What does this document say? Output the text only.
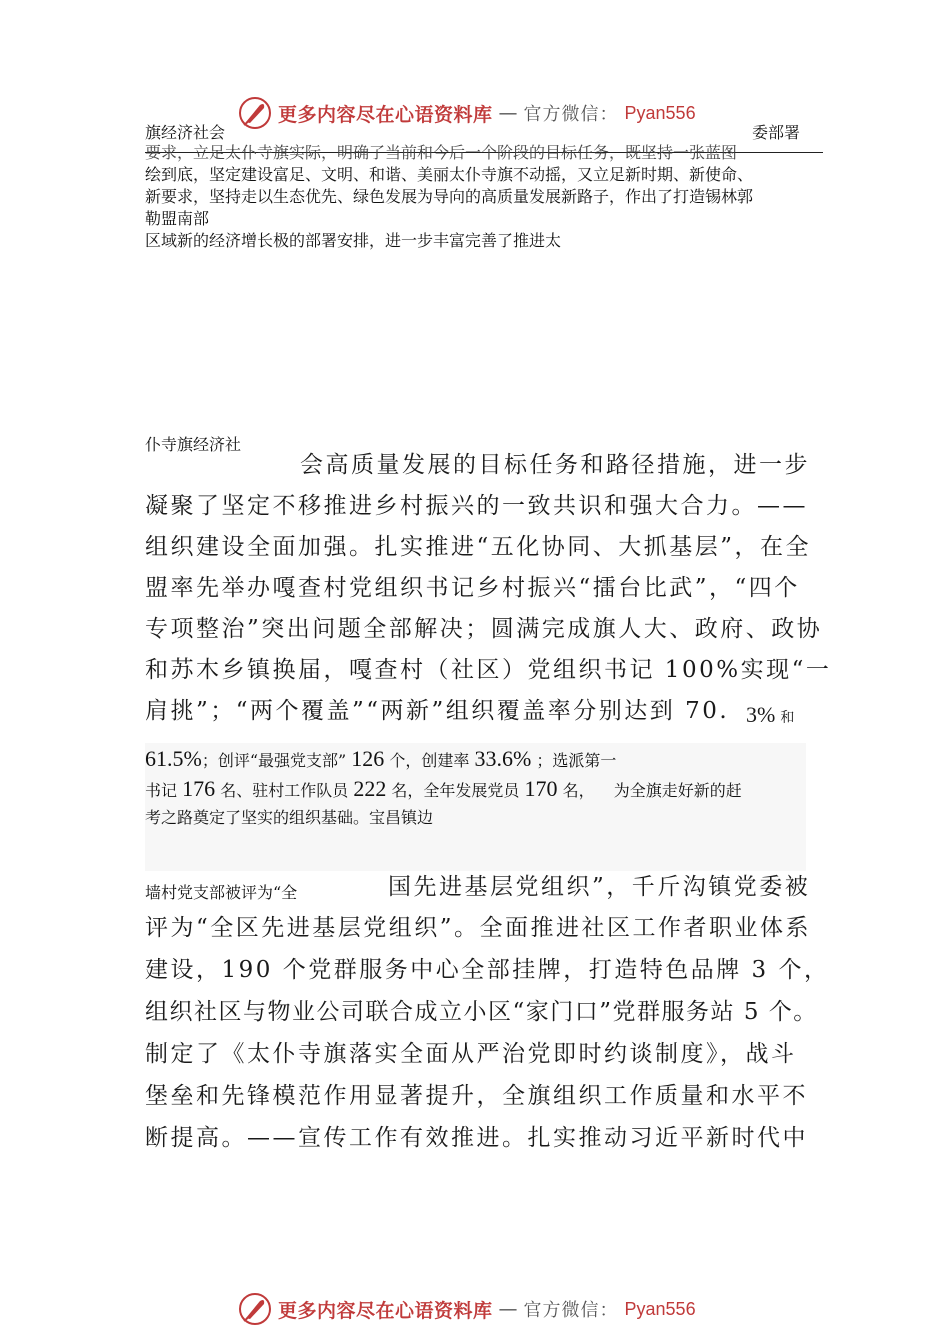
更多内容尽在心语资料库 — 官方微信： Pyan556
旗经济社会	委部署
要求，立足太仆寺旗实际，明确了当前和今后一个阶段的目标任务，既坚持一张蓝图
绘到底，坚定建设富足、文明、和谐、美丽太仆寺旗不动摇，又立足新时期、新使命、
新要求，坚持走以生态优先、绿色发展为导向的高质量发展新路子，作出了打造锡林郭
勒盟南部
区域新的经济增长极的部署安排，进一步丰富完善了推进太
仆寺旗经济社
会高质量发展的目标任务和路径措施，进一步
凝聚了坚定不移推进乡村振兴的一致共识和强大合力。——
组织建设全面加强。扎实推进“五化协同、大抓基层”，在全
盟率先举办嘎查村党组织书记乡村振兴“擂台比武”，“四个
专项整治”突出问题全部解决；圆满完成旗人大、政府、政协
和苏木乡镇换届，嘎查村（社区）党组织书记 100%实现“一
肩挑”；“两个覆盖”“两新”组织覆盖率分别达到 70. 3% 和
61.5%；创评“最强党支部” 126 个，创建率 33.6% ；选派第一
书记 176 名、驻村工作队员 222 名，全年发展党员 170 名， 为全旗走好新的赶
考之路奠定了坚实的组织基础。宝昌镇边
墙村党支部被评为“全	国先进基层党组织”，千斤沟镇党委被
评为“全区先进基层党组织”。全面推进社区工作者职业体系
建设，190 个党群服务中心全部挂牌，打造特色品牌 3 个，
组织社区与物业公司联合成立小区“家门口”党群服务站 5 个。
制定了《太仆寺旗落实全面从严治党即时约谈制度》，战斗
堡垒和先锋模范作用显著提升，全旗组织工作质量和水平不
断提高。——宣传工作有效推进。扎实推动习近平新时代中
更多内容尽在心语资料库 — 官方微信： Pyan556
